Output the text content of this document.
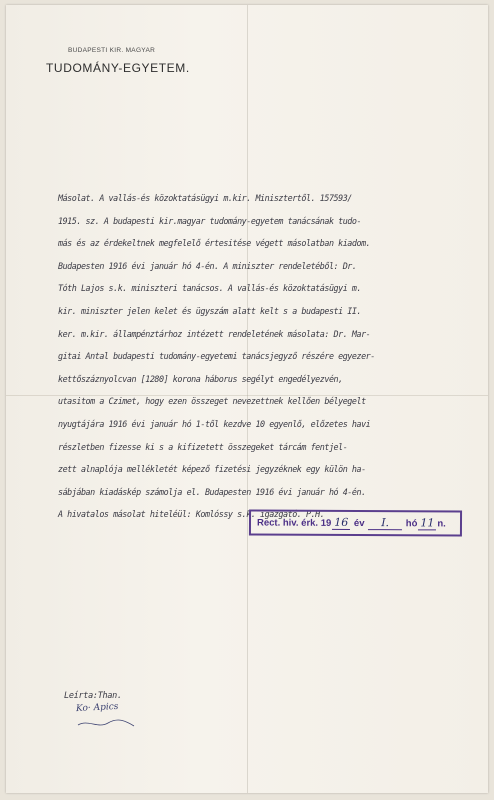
BUDAPESTI KIR. MAGYAR
TUDOMÁNY-EGYETEM.
Másolat. A vallás-és közoktatásügyi m.kir. Minisztertől. 157593/
1915. sz. A budapesti kir.magyar tudomány-egyetem tanácsának tudo-
más és az érdekeltnek megfelelő értesitése végett másolatban kiadom.
Budapesten 1916 évi január hó 4-én. A miniszter rendeletéből: Dr.
Tóth Lajos s.k. miniszteri tanácsos. A vallás-és közoktatásügyi m.
kir. miniszter jelen kelet és ügyszám alatt kelt s a budapesti II.
ker. m.kir. állampénztárhoz intézett rendeletének másolata: Dr. Mar-
gitai Antal budapesti tudomány-egyetemi tanácsjegyző részére egyezer-
kettőszáznyolcvan [1280] korona háborus segélyt engedélyezvén,
utasitom a Czimet, hogy ezen összeget nevezettnek kellően bélyegelt
nyugtájára 1916 évi január hó 1-től kezdve 10 egyenlő, előzetes havi
részletben fizesse ki s a kifizetett összegeket tárcám fentjel-
zett alnaplója mellékletét képező fizetési jegyzéknek egy külön ha-
sábjában kiadáskép számolja el. Budapesten 1916 évi január hó 4-én.
A hivatalos másolat hiteléül: Komlóssy s.k. igazgató. P.H.
Rect. hiv. érk. 19 16
év
	I.
	hó 11 n.
Leírta:Than.
Ko· Apics
